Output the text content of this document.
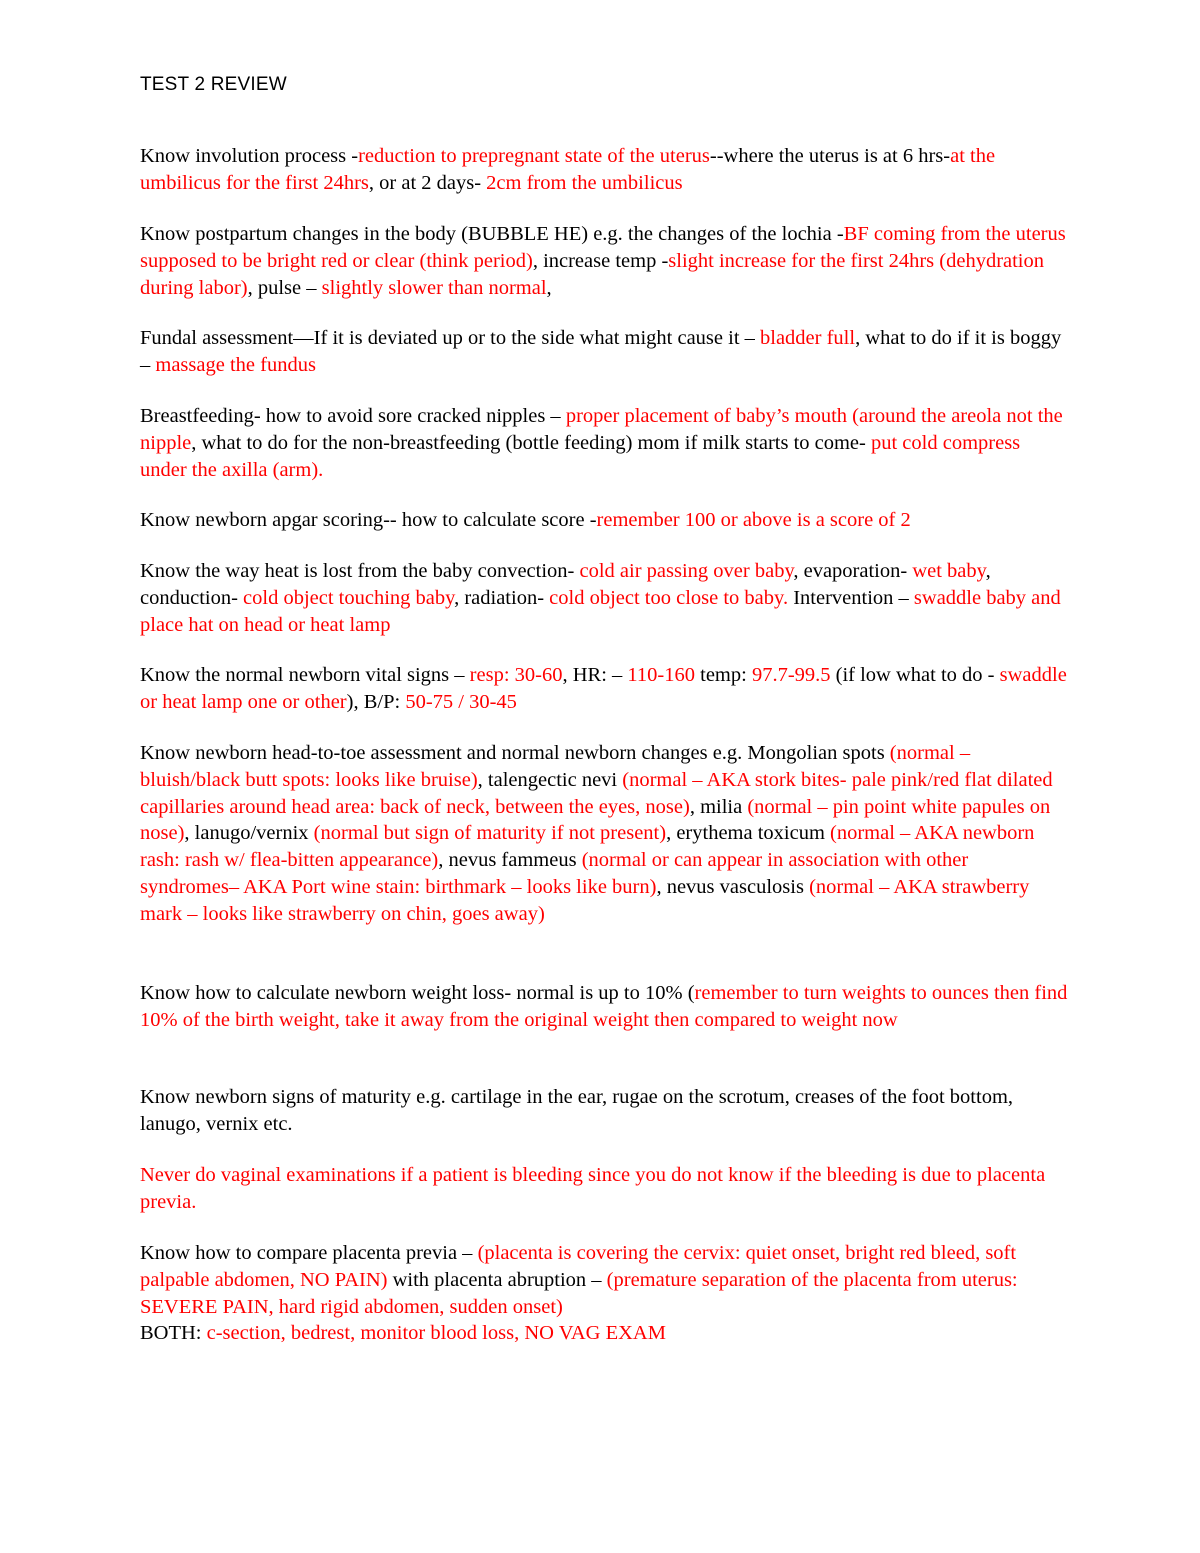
TEST 2 REVIEW

Know involution process -reduction to prepregnant state of the uterus--where the uterus is at 6 hrs-at the umbilicus for the first 24hrs, or at 2 days- 2cm from the umbilicus

Know postpartum changes in the body (BUBBLE HE) e.g. the changes of the lochia -BF coming from the uterus supposed to be bright red or clear (think period), increase temp -slight increase for the first 24hrs (dehydration during labor), pulse – slightly slower than normal,

Fundal assessment—If it is deviated up or to the side what might cause it – bladder full, what to do if it is boggy – massage the fundus

Breastfeeding- how to avoid sore cracked nipples – proper placement of baby’s mouth (around the areola not the nipple, what to do for the non-breastfeeding (bottle feeding) mom if milk starts to come- put cold compress under the axilla (arm).

Know newborn apgar scoring-- how to calculate score -remember 100 or above is a score of 2

Know the way heat is lost from the baby convection- cold air passing over baby, evaporation- wet baby, conduction- cold object touching baby, radiation- cold object too close to baby. Intervention – swaddle baby and place hat on head or heat lamp

Know the normal newborn vital signs – resp: 30-60, HR: – 110-160 temp: 97.7-99.5 (if low what to do - swaddle or heat lamp one or other), B/P: 50-75 / 30-45

Know newborn head-to-toe assessment and normal newborn changes e.g. Mongolian spots (normal – bluish/black butt spots: looks like bruise), talengectic nevi (normal – AKA stork bites- pale pink/red flat dilated capillaries around head area: back of neck, between the eyes, nose), milia (normal – pin point white papules on nose), lanugo/vernix (normal but sign of maturity if not present), erythema toxicum (normal – AKA newborn rash: rash w/ flea-bitten appearance), nevus fammeus (normal or can appear in association with other syndromes– AKA Port wine stain: birthmark – looks like burn), nevus vasculosis (normal – AKA strawberry mark – looks like strawberry on chin, goes away)

Know how to calculate newborn weight loss- normal is up to 10% (remember to turn weights to ounces then find 10% of the birth weight, take it away from the original weight then compared to weight now

Know newborn signs of maturity e.g. cartilage in the ear, rugae on the scrotum, creases of the foot bottom, lanugo, vernix etc.

Never do vaginal examinations if a patient is bleeding since you do not know if the bleeding is due to placenta previa.

Know how to compare placenta previa – (placenta is covering the cervix: quiet onset, bright red bleed, soft palpable abdomen, NO PAIN) with placenta abruption – (premature separation of the placenta from uterus: SEVERE PAIN, hard rigid abdomen, sudden onset)
BOTH: c-section, bedrest, monitor blood loss, NO VAG EXAM
